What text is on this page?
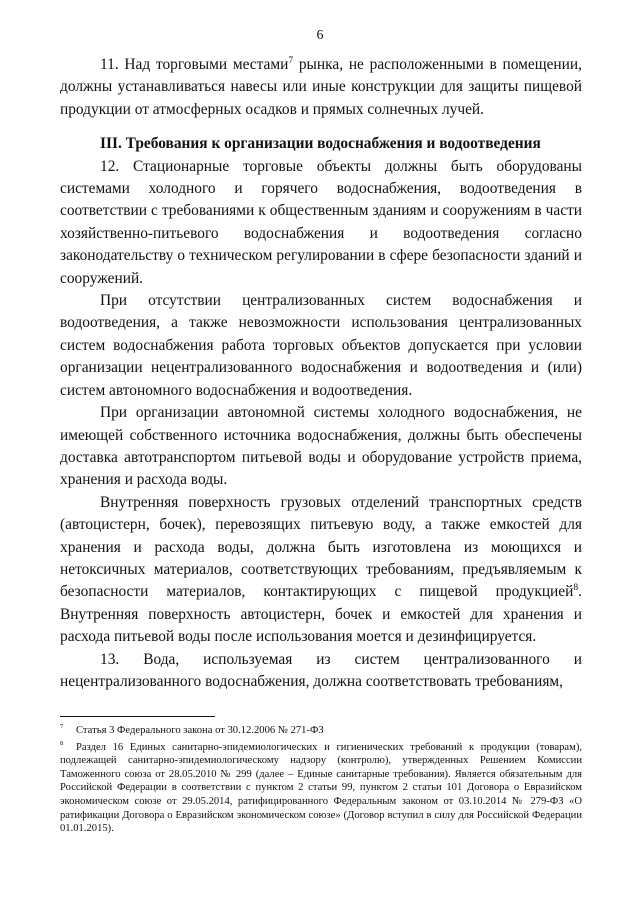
6

11. Над торговыми местами$^7$ рынка, не расположенными в помещении, должны устанавливаться навесы или иные конструкции для защиты пищевой продукции от атмосферных осадков и прямых солнечных лучей.

III. Требования к организации водоснабжения и водоотведения

12. Стационарные торговые объекты должны быть оборудованы системами холодного и горячего водоснабжения, водоотведения в соответствии с требованиями к общественным зданиям и сооружениям в части хозяйственно-питьевого водоснабжения и водоотведения согласно законодательству о техническом регулировании в сфере безопасности зданий и сооружений.

При отсутствии централизованных систем водоснабжения и водоотведения, а также невозможности использования централизованных систем водоснабжения работа торговых объектов допускается при условии организации нецентрализованного водоснабжения и водоотведения и (или) систем автономного водоснабжения и водоотведения.

При организации автономной системы холодного водоснабжения, не имеющей собственного источника водоснабжения, должны быть обеспечены доставка автотранспортом питьевой воды и оборудование устройств приема, хранения и расхода воды.

Внутренняя поверхность грузовых отделений транспортных средств (автоцистерн, бочек), перевозящих питьевую воду, а также емкостей для хранения и расхода воды, должна быть изготовлена из моющихся и нетоксичных материалов, соответствующих требованиям, предъявляемым к безопасности материалов, контактирующих с пищевой продукцией$^8$. Внутренняя поверхность автоцистерн, бочек и емкостей для хранения и расхода питьевой воды после использования моется и дезинфицируется.

13. Вода, используемая из систем централизованного и нецентрализованного водоснабжения, должна соответствовать требованиям,

$^7$ Статья 3 Федерального закона от 30.12.2006 № 271-ФЗ

$^8$ Раздел 16 Единых санитарно-эпидемиологических и гигиенических требований к продукции (товарам), подлежащей санитарно-эпидемиологическому надзору (контролю), утвержденных Решением Комиссии Таможенного союза от 28.05.2010 № 299 (далее – Единые санитарные требования). Является обязательным для Российской Федерации в соответствии с пунктом 2 статьи 99, пунктом 2 статьи 101 Договора о Евразийском экономическом союзе от 29.05.2014, ратифицированного Федеральным законом от 03.10.2014 № 279-ФЗ «О ратификации Договора о Евразийском экономическом союзе» (Договор вступил в силу для Российской Федерации 01.01.2015).
